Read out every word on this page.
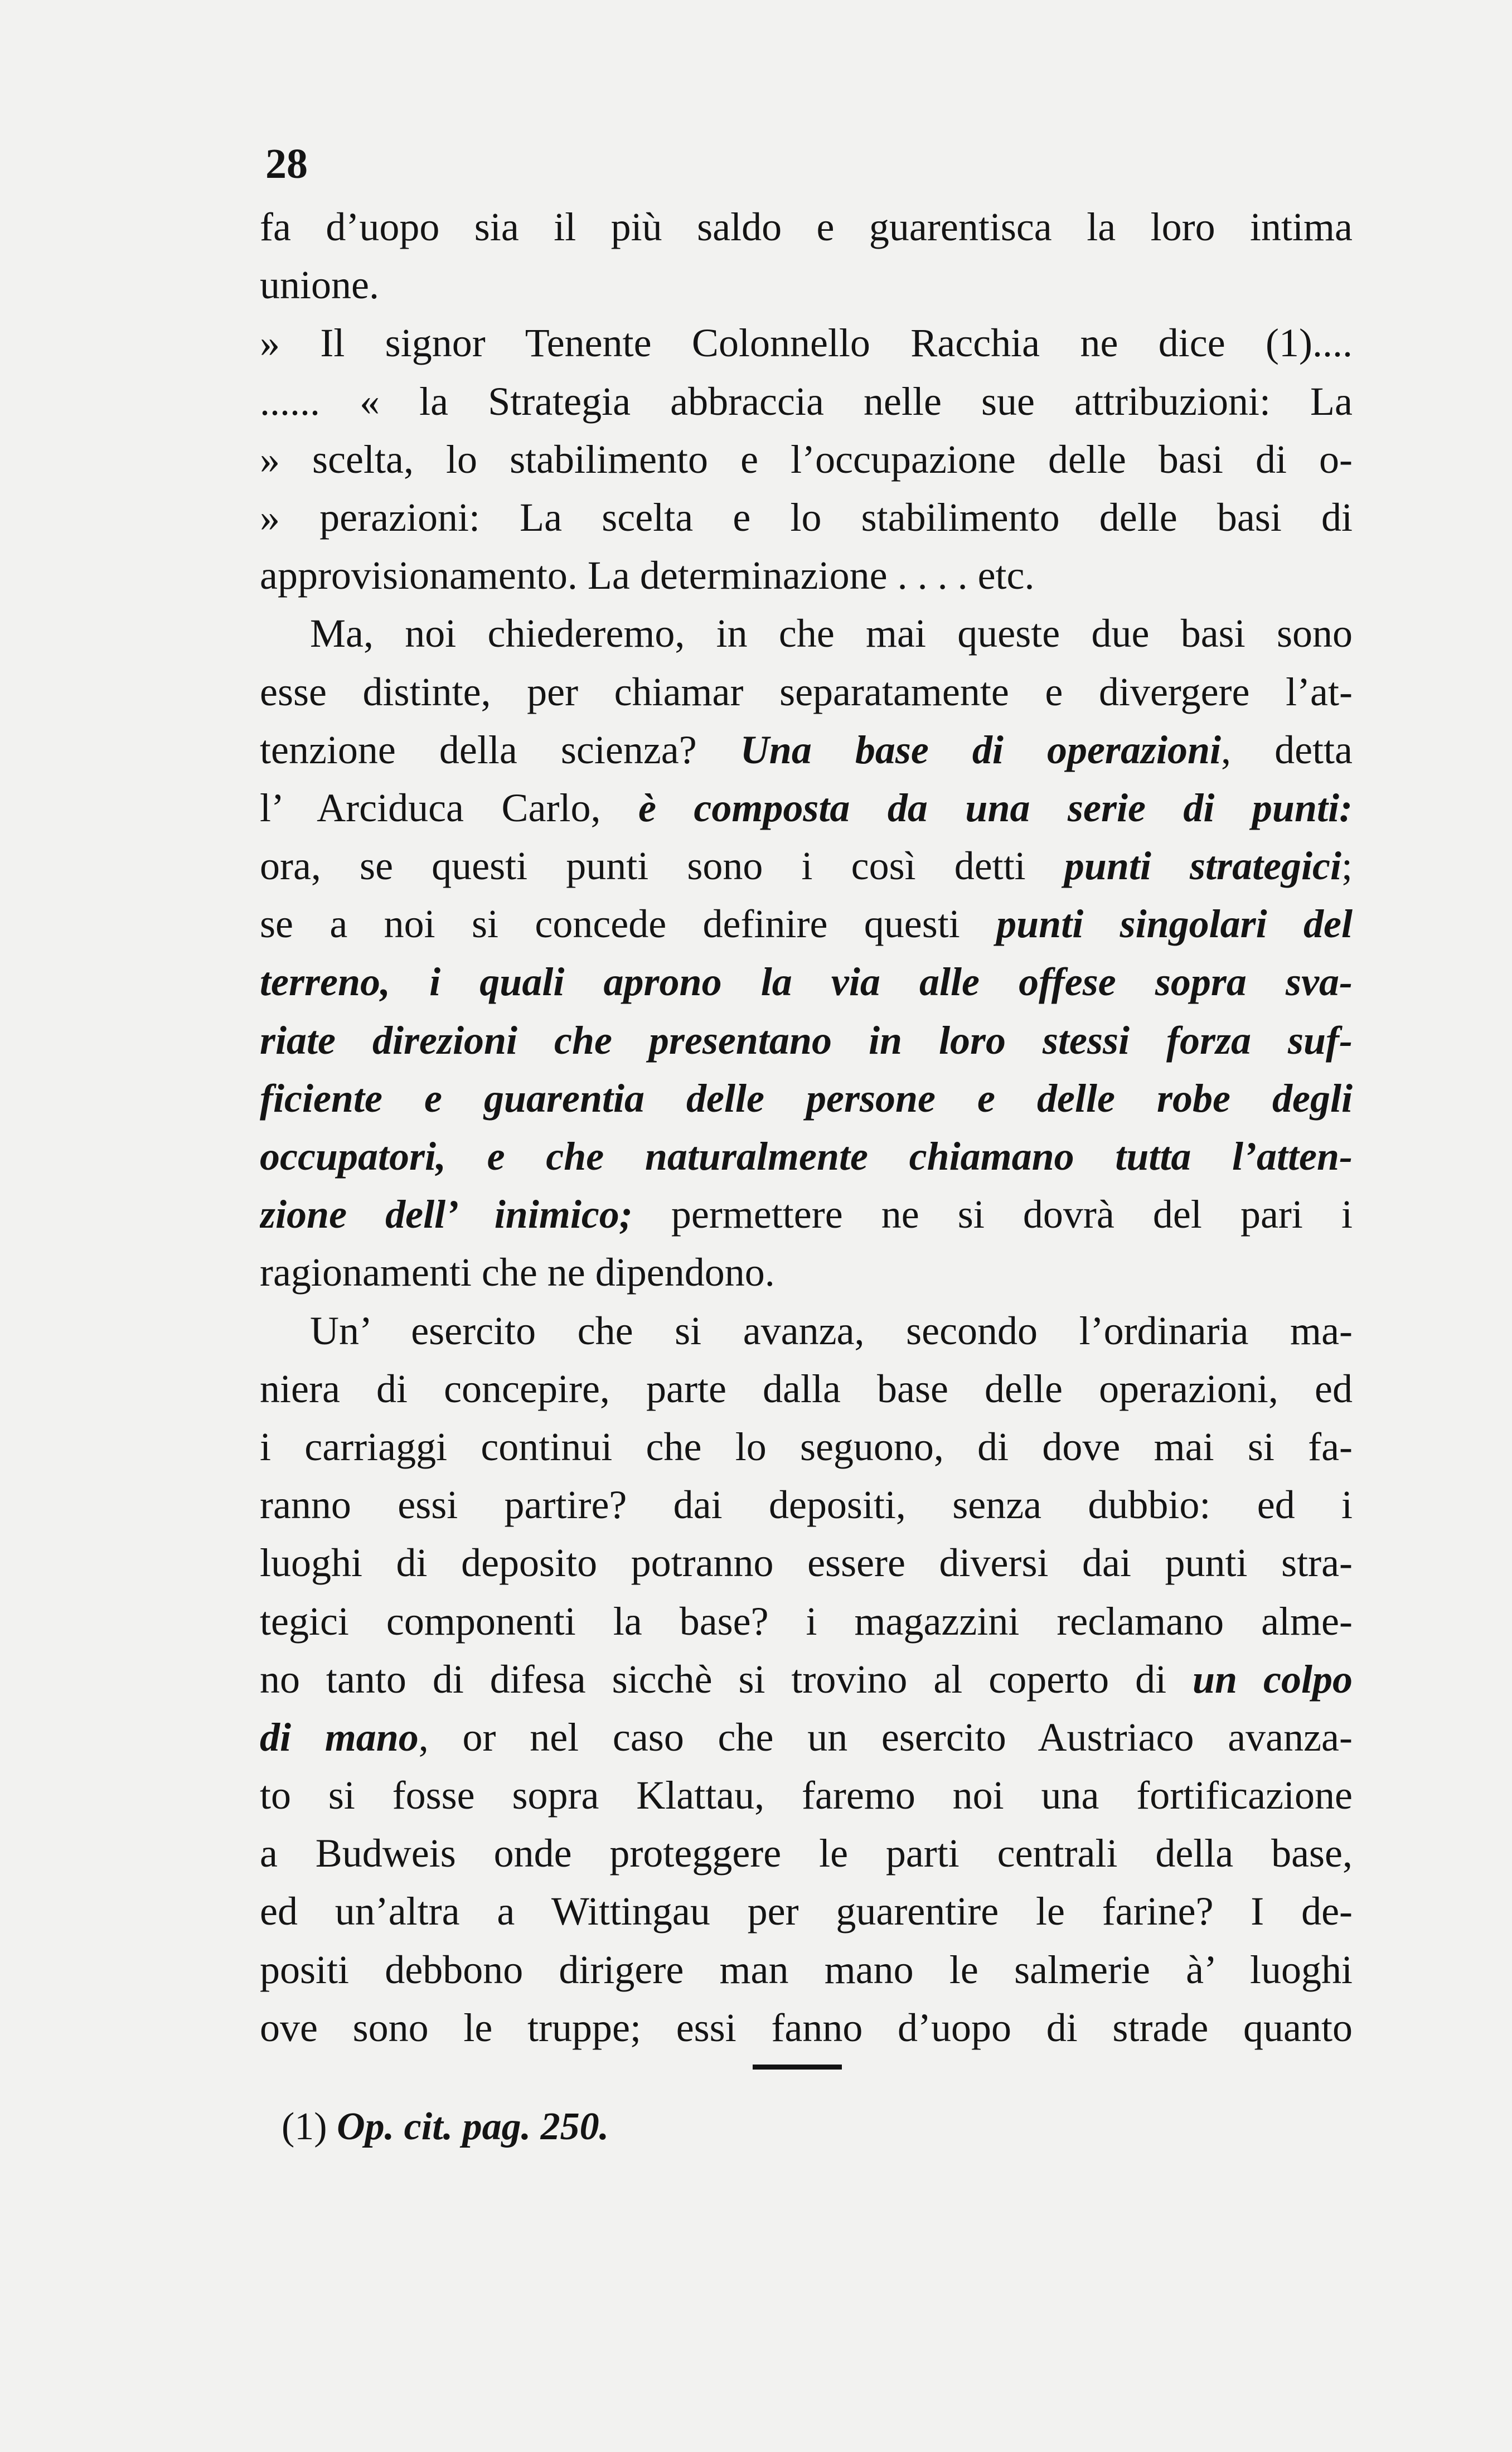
28
fa d’uopo sia il più saldo e guarentisca la loro intima
unione.
» Il signor Tenente Colonnello Racchia ne dice (1)....
...... « la Strategia abbraccia nelle sue attribuzioni: La
» scelta, lo stabilimento e l’occupazione delle basi di o-
» perazioni: La scelta e lo stabilimento delle basi di
approvisionamento. La determinazione . . . . etc.
Ma, noi chiederemo, in che mai queste due basi sono
esse distinte, per chiamar separatamente e divergere l’at-
tenzione della scienza? Una base di operazioni, detta
l’ Arciduca Carlo, è composta da una serie di punti:
ora, se questi punti sono i così detti punti strategici;
se a noi si concede definire questi punti singolari del
terreno, i quali aprono la via alle offese sopra sva-
riate direzioni che presentano in loro stessi forza suf-
ficiente e guarentia delle persone e delle robe degli
occupatori, e che naturalmente chiamano tutta l’atten-
zione dell’ inimico; permettere ne si dovrà del pari i
ragionamenti che ne dipendono.
Un’ esercito che si avanza, secondo l’ordinaria ma-
niera di concepire, parte dalla base delle operazioni, ed
i carriaggi continui che lo seguono, di dove mai si fa-
ranno essi partire? dai depositi, senza dubbio: ed i
luoghi di deposito potranno essere diversi dai punti stra-
tegici componenti la base? i magazzini reclamano alme-
no tanto di difesa sicchè si trovino al coperto di un colpo
di mano, or nel caso che un esercito Austriaco avanza-
to si fosse sopra Klattau, faremo noi una fortificazione
a Budweis onde proteggere le parti centrali della base,
ed un’altra a Wittingau per guarentire le farine? I de-
positi debbono dirigere man mano le salmerie à’ luoghi
ove sono le truppe; essi fanno d’uopo di strade quanto
(1) Op. cit. pag. 250.
